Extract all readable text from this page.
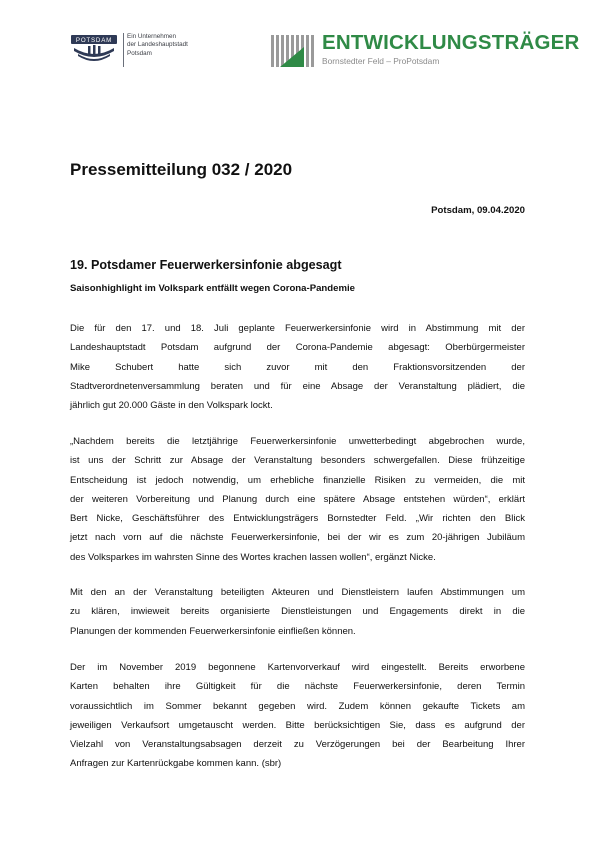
POTSDAM
Ein Unternehmen
der Landeshauptstadt
Potsdam	ENTWICKLUNGSTRÄGER
Bornstedter Feld – ProPotsdam
Pressemitteilung 032 / 2020
Potsdam, 09.04.2020
19. Potsdamer Feuerwerkersinfonie abgesagt
Saisonhighlight im Volkspark entfällt wegen Corona-Pandemie
Die für den 17. und 18. Juli geplante Feuerwerkersinfonie wird in Abstimmung mit der
Landeshauptstadt Potsdam aufgrund der Corona-Pandemie abgesagt: Oberbürgermeister
Mike Schubert hatte sich zuvor mit den Fraktionsvorsitzenden der
Stadtverordnetenversammlung beraten und für eine Absage der Veranstaltung plädiert, die
jährlich gut 20.000 Gäste in den Volkspark lockt.
„Nachdem bereits die letztjährige Feuerwerkersinfonie unwetterbedingt abgebrochen wurde,
ist uns der Schritt zur Absage der Veranstaltung besonders schwergefallen. Diese frühzeitige
Entscheidung ist jedoch notwendig, um erhebliche finanzielle Risiken zu vermeiden, die mit
der weiteren Vorbereitung und Planung durch eine spätere Absage entstehen würden“, erklärt
Bert Nicke, Geschäftsführer des Entwicklungsträgers Bornstedter Feld. „Wir richten den Blick
jetzt nach vorn auf die nächste Feuerwerkersinfonie, bei der wir es zum 20-jährigen Jubiläum
des Volksparkes im wahrsten Sinne des Wortes krachen lassen wollen“, ergänzt Nicke.
Mit den an der Veranstaltung beteiligten Akteuren und Dienstleistern laufen Abstimmungen um
zu klären, inwieweit bereits organisierte Dienstleistungen und Engagements direkt in die
Planungen der kommenden Feuerwerkersinfonie einfließen können.
Der im November 2019 begonnene Kartenvorverkauf wird eingestellt. Bereits erworbene
Karten behalten ihre Gültigkeit für die nächste Feuerwerkersinfonie, deren Termin
voraussichtlich im Sommer bekannt gegeben wird. Zudem können gekaufte Tickets am
jeweiligen Verkaufsort umgetauscht werden. Bitte berücksichtigen Sie, dass es aufgrund der
Vielzahl von Veranstaltungsabsagen derzeit zu Verzögerungen bei der Bearbeitung Ihrer
Anfragen zur Kartenrückgabe kommen kann. (sbr)
